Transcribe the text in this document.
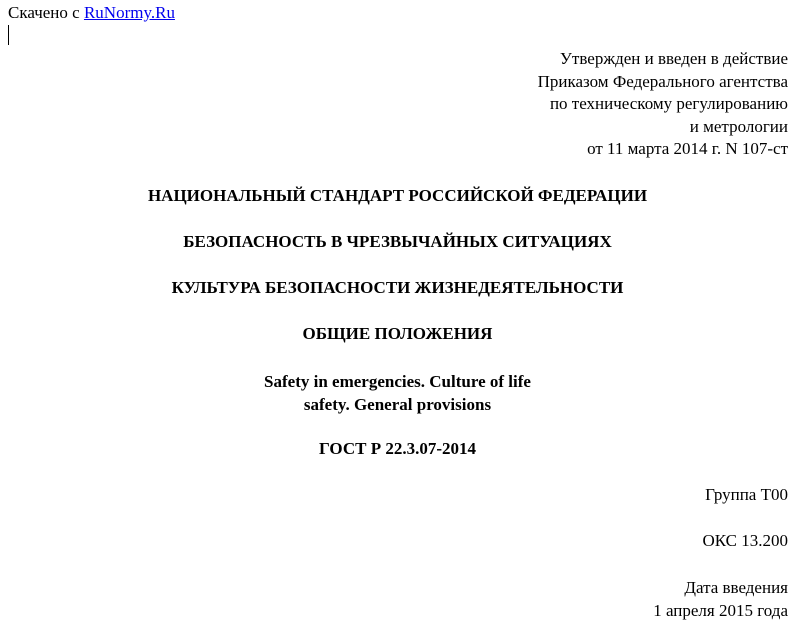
Скачено с RuNormy.Ru
Утвержден и введен в действие
Приказом Федерального агентства
по техническому регулированию
и метрологии
от 11 марта 2014 г. N 107-ст
НАЦИОНАЛЬНЫЙ СТАНДАРТ РОССИЙСКОЙ ФЕДЕРАЦИИ
БЕЗОПАСНОСТЬ В ЧРЕЗВЫЧАЙНЫХ СИТУАЦИЯХ
КУЛЬТУРА БЕЗОПАСНОСТИ ЖИЗНЕДЕЯТЕЛЬНОСТИ
ОБЩИЕ ПОЛОЖЕНИЯ
Safety in emergencies. Culture of life
safety. General provisions
ГОСТ Р 22.3.07-2014
Группа Т00
ОКС 13.200
Дата введения
1 апреля 2015 года
